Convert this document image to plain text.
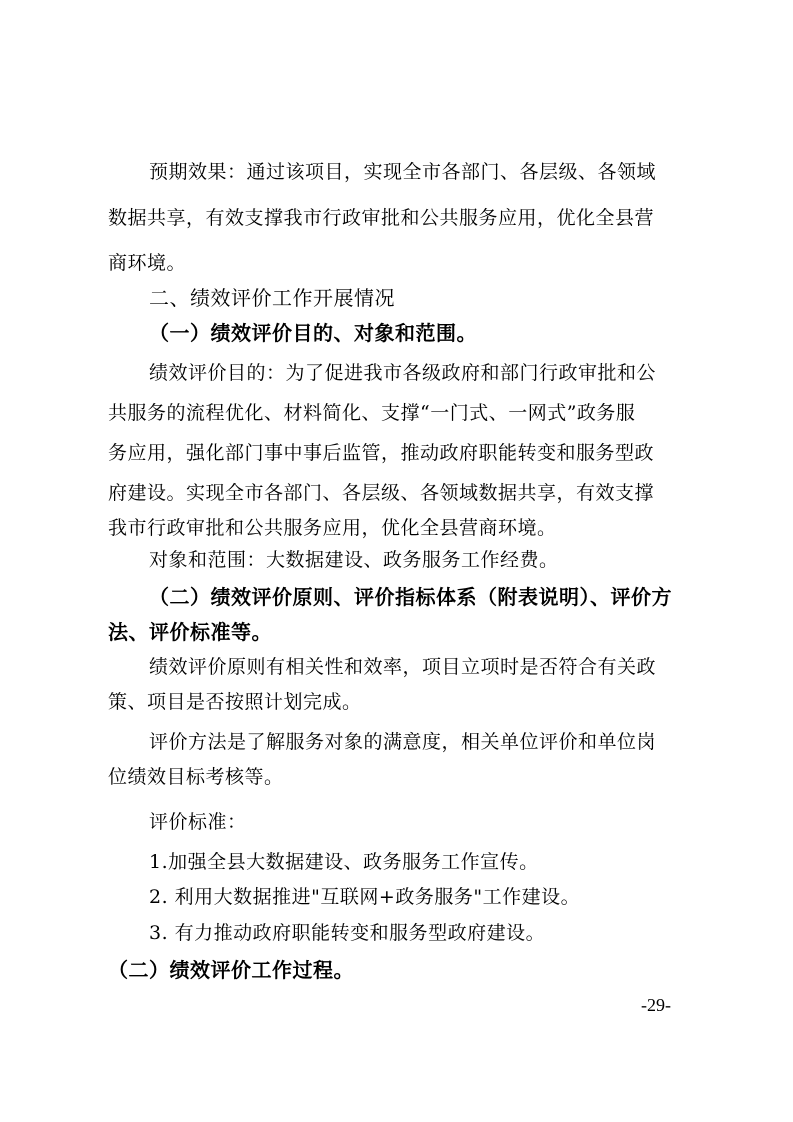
预期效果：通过该项目，实现全市各部门、各层级、各领域
数据共享，有效支撑我市行政审批和公共服务应用，优化全县营
商环境。
二、绩效评价工作开展情况
（一）绩效评价目的、对象和范围。
绩效评价目的：为了促进我市各级政府和部门行政审批和公
共服务的流程优化、材料简化、支撑“一门式、一网式”政务服
务应用，强化部门事中事后监管，推动政府职能转变和服务型政
府建设。实现全市各部门、各层级、各领域数据共享，有效支撑
我市行政审批和公共服务应用，优化全县营商环境。
对象和范围：大数据建设、政务服务工作经费。
（二）绩效评价原则、评价指标体系（附表说明）、评价方
法、评价标准等。
绩效评价原则有相关性和效率，项目立项时是否符合有关政
策、项目是否按照计划完成。
评价方法是了解服务对象的满意度，相关单位评价和单位岗
位绩效目标考核等。
评价标准：
1.加强全县大数据建设、政务服务工作宣传。
2. 利用大数据推进"互联网+政务服务"工作建设。
3. 有力推动政府职能转变和服务型政府建设。
（二）绩效评价工作过程。
-29-
